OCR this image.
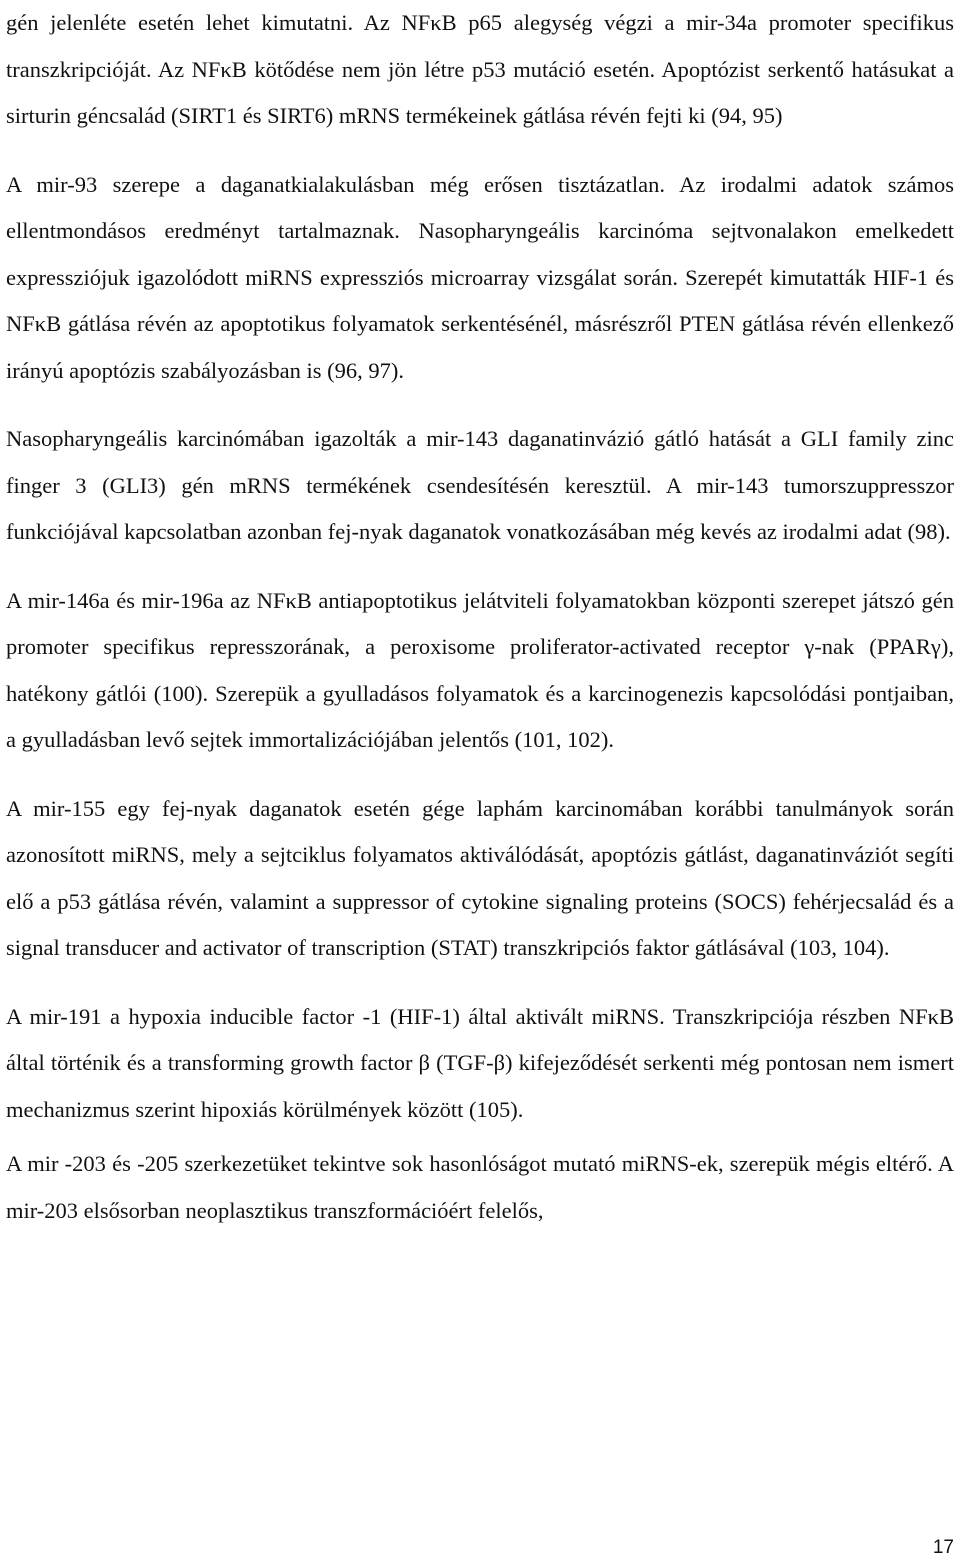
gén jelenléte esetén lehet kimutatni. Az NFκB p65 alegység végzi a mir-34a promoter specifikus transzkripcióját. Az NFκB kötődése nem jön létre p53 mutáció esetén. Apoptózist serkentő hatásukat a sirturin géncsalád (SIRT1 és SIRT6) mRNS termékeinek gátlása révén fejti ki (94, 95)

A mir-93 szerepe a daganatkialakulásban még erősen tisztázatlan. Az irodalmi adatok számos ellentmondásos eredményt tartalmaznak. Nasopharyngeális karcinóma sejtvonalakon emelkedett expressziójuk igazolódott miRNS expressziós microarray vizsgálat során. Szerepét kimutatták HIF-1 és NFκB gátlása révén az apoptotikus folyamatok serkentésénél, másrészről PTEN gátlása révén ellenkező irányú apoptózis szabályozásban is (96, 97).

Nasopharyngeális karcinómában igazolták a mir-143 daganatinvázió gátló hatását a GLI family zinc finger 3 (GLI3) gén mRNS termékének csendesítésén keresztül. A mir-143 tumorszuppresszor funkciójával kapcsolatban azonban fej-nyak daganatok vonatkozásában még kevés az irodalmi adat (98).

A mir-146a és mir-196a az NFκB antiapoptotikus jelátviteli folyamatokban központi szerepet játszó gén promoter specifikus represszorának, a peroxisome proliferator-activated receptor γ-nak (PPARγ), hatékony gátlói (100). Szerepük a gyulladásos folyamatok és a karcinogenezis kapcsolódási pontjaiban, a gyulladásban levő sejtek immortalizációjában jelentős (101, 102).

A mir-155 egy fej-nyak daganatok esetén gége laphám karcinomában korábbi tanulmányok során azonosított miRNS, mely a sejtciklus folyamatos aktiválódását, apoptózis gátlást, daganatinváziót segíti elő a p53 gátlása révén, valamint a suppressor of cytokine signaling proteins (SOCS) fehérjecsalád és a signal transducer and activator of transcription (STAT) transzkripciós faktor gátlásával (103, 104).

A mir-191 a hypoxia inducible factor -1 (HIF-1) által aktivált miRNS. Transzkripciója részben NFκB által történik és a transforming growth factor β (TGF-β) kifejeződését serkenti még pontosan nem ismert mechanizmus szerint hipoxiás körülmények között (105).

A mir -203 és -205 szerkezetüket tekintve sok hasonlóságot mutató miRNS-ek, szerepük mégis eltérő. A mir-203 elsősorban neoplasztikus transzformációért felelős,

17
